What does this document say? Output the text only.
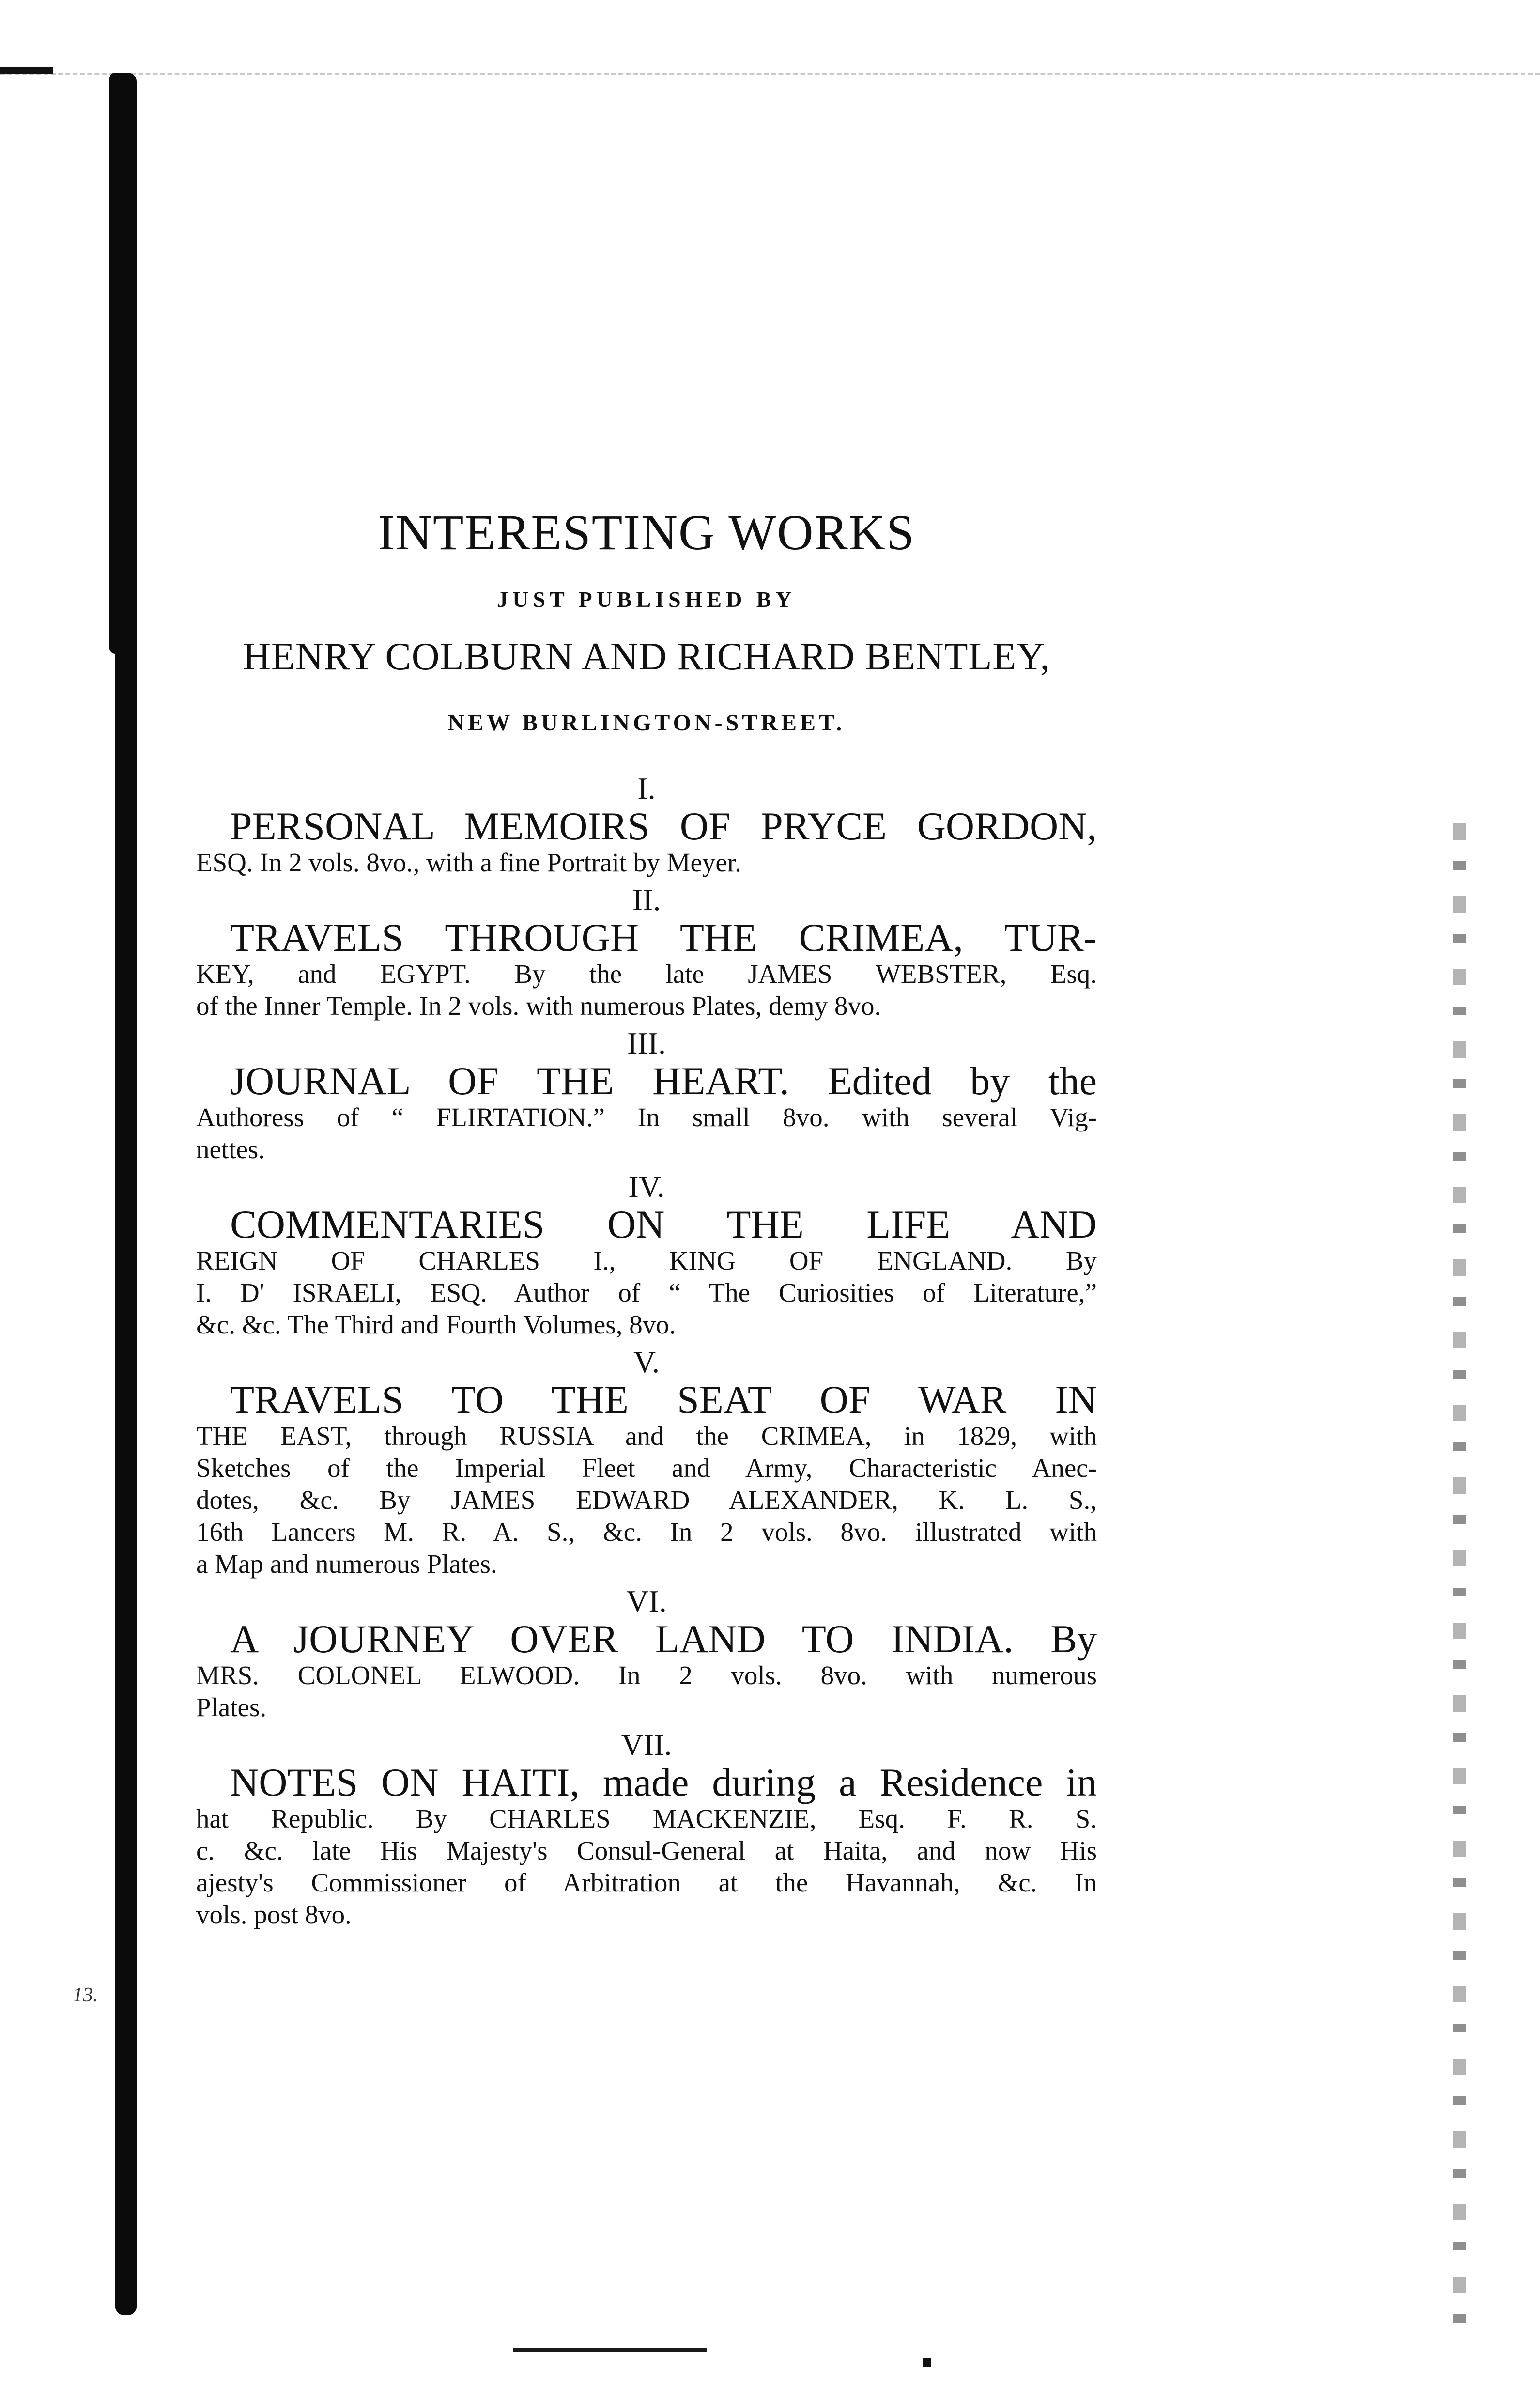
13.
INTERESTING WORKS
JUST PUBLISHED BY
HENRY COLBURN AND RICHARD BENTLEY,
NEW BURLINGTON-STREET.
I.
PERSONAL MEMOIRS OF PRYCE GORDON,
ESQ. In 2 vols. 8vo., with a fine Portrait by Meyer.
II.
TRAVELS THROUGH THE CRIMEA, TUR-
KEY, and EGYPT. By the late JAMES WEBSTER, Esq.
of the Inner Temple. In 2 vols. with numerous Plates, demy 8vo.
III.
JOURNAL OF THE HEART. Edited by the
Authoress of “ FLIRTATION.” In small 8vo. with several Vig-
nettes.
IV.
COMMENTARIES ON THE LIFE AND
REIGN OF CHARLES I., KING OF ENGLAND. By
I. D' ISRAELI, ESQ. Author of “ The Curiosities of Literature,”
&c. &c. The Third and Fourth Volumes, 8vo.
V.
TRAVELS TO THE SEAT OF WAR IN
THE EAST, through RUSSIA and the CRIMEA, in 1829, with
Sketches of the Imperial Fleet and Army, Characteristic Anec-
dotes, &c. By JAMES EDWARD ALEXANDER, K. L. S.,
16th Lancers M. R. A. S., &c. In 2 vols. 8vo. illustrated with
a Map and numerous Plates.
VI.
A JOURNEY OVER LAND TO INDIA. By
MRS. COLONEL ELWOOD. In 2 vols. 8vo. with numerous
Plates.
VII.
NOTES ON HAITI, made during a Residence in
hat Republic. By CHARLES MACKENZIE, Esq. F. R. S.
c. &c. late His Majesty's Consul-General at Haita, and now His
ajesty's Commissioner of Arbitration at the Havannah, &c. In
vols. post 8vo.
